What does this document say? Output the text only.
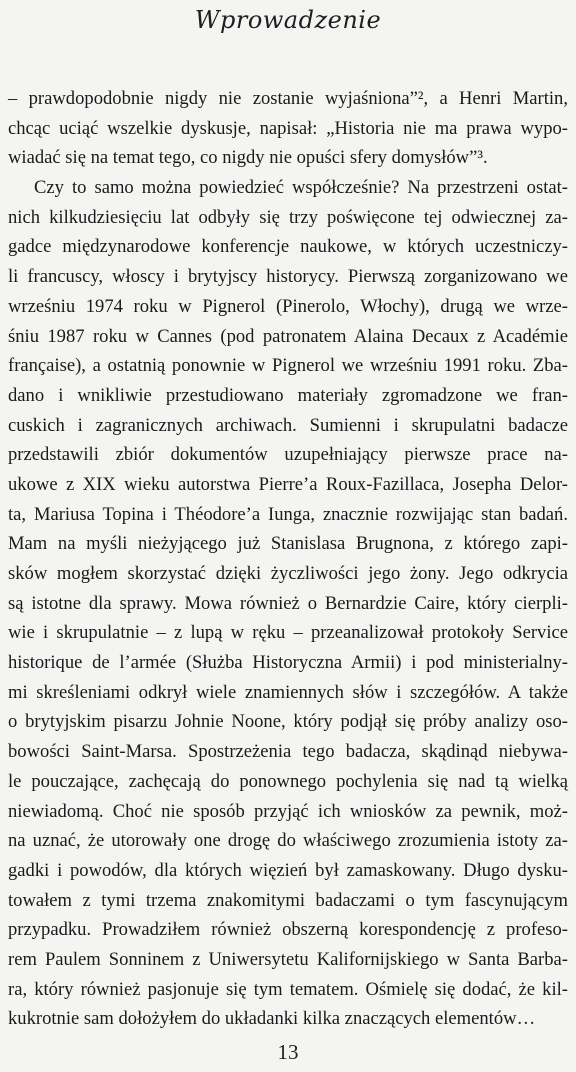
Wprowadzenie
– prawdopodobnie nigdy nie zostanie wyjaśniona”², a Henri Martin,
chcąc uciąć wszelkie dyskusje, napisał: „Historia nie ma prawa wypo-
wiadać się na temat tego, co nigdy nie opuści sfery domysłów”³.
Czy to samo można powiedzieć współcześnie? Na przestrzeni ostat-
nich kilkudziesięciu lat odbyły się trzy poświęcone tej odwiecznej za-
gadce międzynarodowe konferencje naukowe, w których uczestniczy-
li francuscy, włoscy i brytyjscy historycy. Pierwszą zorganizowano we
wrześniu 1974 roku w Pignerol (Pinerolo, Włochy), drugą we wrze-
śniu 1987 roku w Cannes (pod patronatem Alaina Decaux z Académie
française), a ostatnią ponownie w Pignerol we wrześniu 1991 roku. Zba-
dano i wnikliwie przestudiowano materiały zgromadzone we fran-
cuskich i zagranicznych archiwach. Sumienni i skrupulatni badacze
przedstawili zbiór dokumentów uzupełniający pierwsze prace na-
ukowe z XIX wieku autorstwa Pierre’a Roux-Fazillaca, Josepha Delor-
ta, Mariusa Topina i Théodore’a Iunga, znacznie rozwijając stan badań.
Mam na myśli nieżyjącego już Stanislasa Brugnona, z którego zapi-
sków mogłem skorzystać dzięki życzliwości jego żony. Jego odkrycia
są istotne dla sprawy. Mowa również o Bernardzie Caire, który cierpli-
wie i skrupulatnie – z lupą w ręku – przeanalizował protokoły Service
historique de l’armée (Służba Historyczna Armii) i pod ministerialny-
mi skreśleniami odkrył wiele znamiennych słów i szczegółów. A także
o brytyjskim pisarzu Johnie Noone, który podjął się próby analizy oso-
bowości Saint-Marsa. Spostrzeżenia tego badacza, skądinąd niebywa-
le pouczające, zachęcają do ponownego pochylenia się nad tą wielką
niewiadomą. Choć nie sposób przyjąć ich wniosków za pewnik, moż-
na uznać, że utorowały one drogę do właściwego zrozumienia istoty za-
gadki i powodów, dla których więzień był zamaskowany. Długo dysku-
towałem z tymi trzema znakomitymi badaczami o tym fascynującym
przypadku. Prowadziłem również obszerną korespondencję z profeso-
rem Paulem Sonninem z Uniwersytetu Kalifornijskiego w Santa Barba-
ra, który również pasjonuje się tym tematem. Ośmielę się dodać, że kil-
kukrotnie sam dołożyłem do układanki kilka znaczących elementów…
13
